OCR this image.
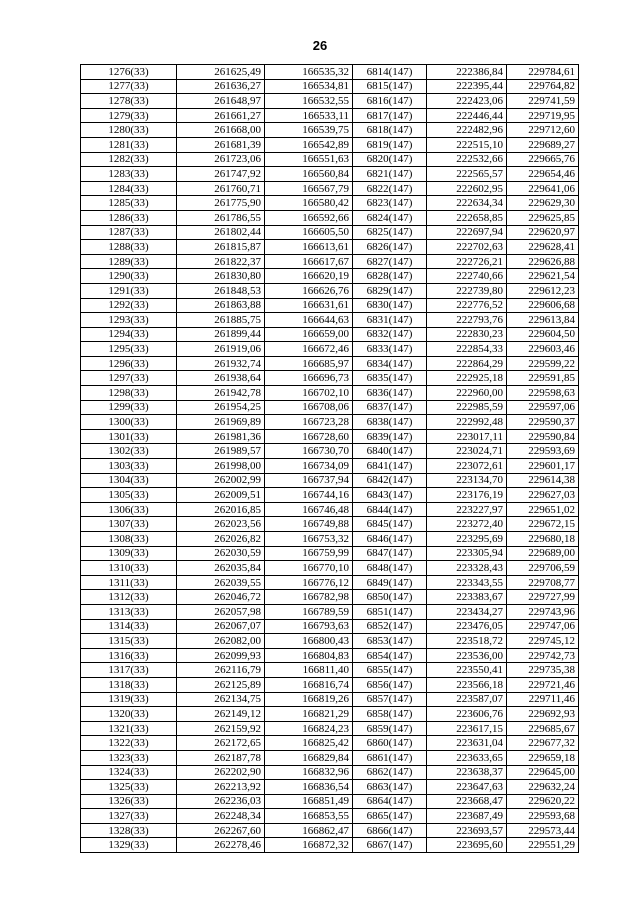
26
1276(33)	261625,49	166535,32	6814(147)	222386,84	229784,61
1277(33)	261636,27	166534,81	6815(147)	222395,44	229764,82
1278(33)	261648,97	166532,55	6816(147)	222423,06	229741,59
1279(33)	261661,27	166533,11	6817(147)	222446,44	229719,95
1280(33)	261668,00	166539,75	6818(147)	222482,96	229712,60
1281(33)	261681,39	166542,89	6819(147)	222515,10	229689,27
1282(33)	261723,06	166551,63	6820(147)	222532,66	229665,76
1283(33)	261747,92	166560,84	6821(147)	222565,57	229654,46
1284(33)	261760,71	166567,79	6822(147)	222602,95	229641,06
1285(33)	261775,90	166580,42	6823(147)	222634,34	229629,30
1286(33)	261786,55	166592,66	6824(147)	222658,85	229625,85
1287(33)	261802,44	166605,50	6825(147)	222697,94	229620,97
1288(33)	261815,87	166613,61	6826(147)	222702,63	229628,41
1289(33)	261822,37	166617,67	6827(147)	222726,21	229626,88
1290(33)	261830,80	166620,19	6828(147)	222740,66	229621,54
1291(33)	261848,53	166626,76	6829(147)	222739,80	229612,23
1292(33)	261863,88	166631,61	6830(147)	222776,52	229606,68
1293(33)	261885,75	166644,63	6831(147)	222793,76	229613,84
1294(33)	261899,44	166659,00	6832(147)	222830,23	229604,50
1295(33)	261919,06	166672,46	6833(147)	222854,33	229603,46
1296(33)	261932,74	166685,97	6834(147)	222864,29	229599,22
1297(33)	261938,64	166696,73	6835(147)	222925,18	229591,85
1298(33)	261942,78	166702,10	6836(147)	222960,00	229598,63
1299(33)	261954,25	166708,06	6837(147)	222985,59	229597,06
1300(33)	261969,89	166723,28	6838(147)	222992,48	229590,37
1301(33)	261981,36	166728,60	6839(147)	223017,11	229590,84
1302(33)	261989,57	166730,70	6840(147)	223024,71	229593,69
1303(33)	261998,00	166734,09	6841(147)	223072,61	229601,17
1304(33)	262002,99	166737,94	6842(147)	223134,70	229614,38
1305(33)	262009,51	166744,16	6843(147)	223176,19	229627,03
1306(33)	262016,85	166746,48	6844(147)	223227,97	229651,02
1307(33)	262023,56	166749,88	6845(147)	223272,40	229672,15
1308(33)	262026,82	166753,32	6846(147)	223295,69	229680,18
1309(33)	262030,59	166759,99	6847(147)	223305,94	229689,00
1310(33)	262035,84	166770,10	6848(147)	223328,43	229706,59
1311(33)	262039,55	166776,12	6849(147)	223343,55	229708,77
1312(33)	262046,72	166782,98	6850(147)	223383,67	229727,99
1313(33)	262057,98	166789,59	6851(147)	223434,27	229743,96
1314(33)	262067,07	166793,63	6852(147)	223476,05	229747,06
1315(33)	262082,00	166800,43	6853(147)	223518,72	229745,12
1316(33)	262099,93	166804,83	6854(147)	223536,00	229742,73
1317(33)	262116,79	166811,40	6855(147)	223550,41	229735,38
1318(33)	262125,89	166816,74	6856(147)	223566,18	229721,46
1319(33)	262134,75	166819,26	6857(147)	223587,07	229711,46
1320(33)	262149,12	166821,29	6858(147)	223606,76	229692,93
1321(33)	262159,92	166824,23	6859(147)	223617,15	229685,67
1322(33)	262172,65	166825,42	6860(147)	223631,04	229677,32
1323(33)	262187,78	166829,84	6861(147)	223633,65	229659,18
1324(33)	262202,90	166832,96	6862(147)	223638,37	229645,00
1325(33)	262213,92	166836,54	6863(147)	223647,63	229632,24
1326(33)	262236,03	166851,49	6864(147)	223668,47	229620,22
1327(33)	262248,34	166853,55	6865(147)	223687,49	229593,68
1328(33)	262267,60	166862,47	6866(147)	223693,57	229573,44
1329(33)	262278,46	166872,32	6867(147)	223695,60	229551,29
